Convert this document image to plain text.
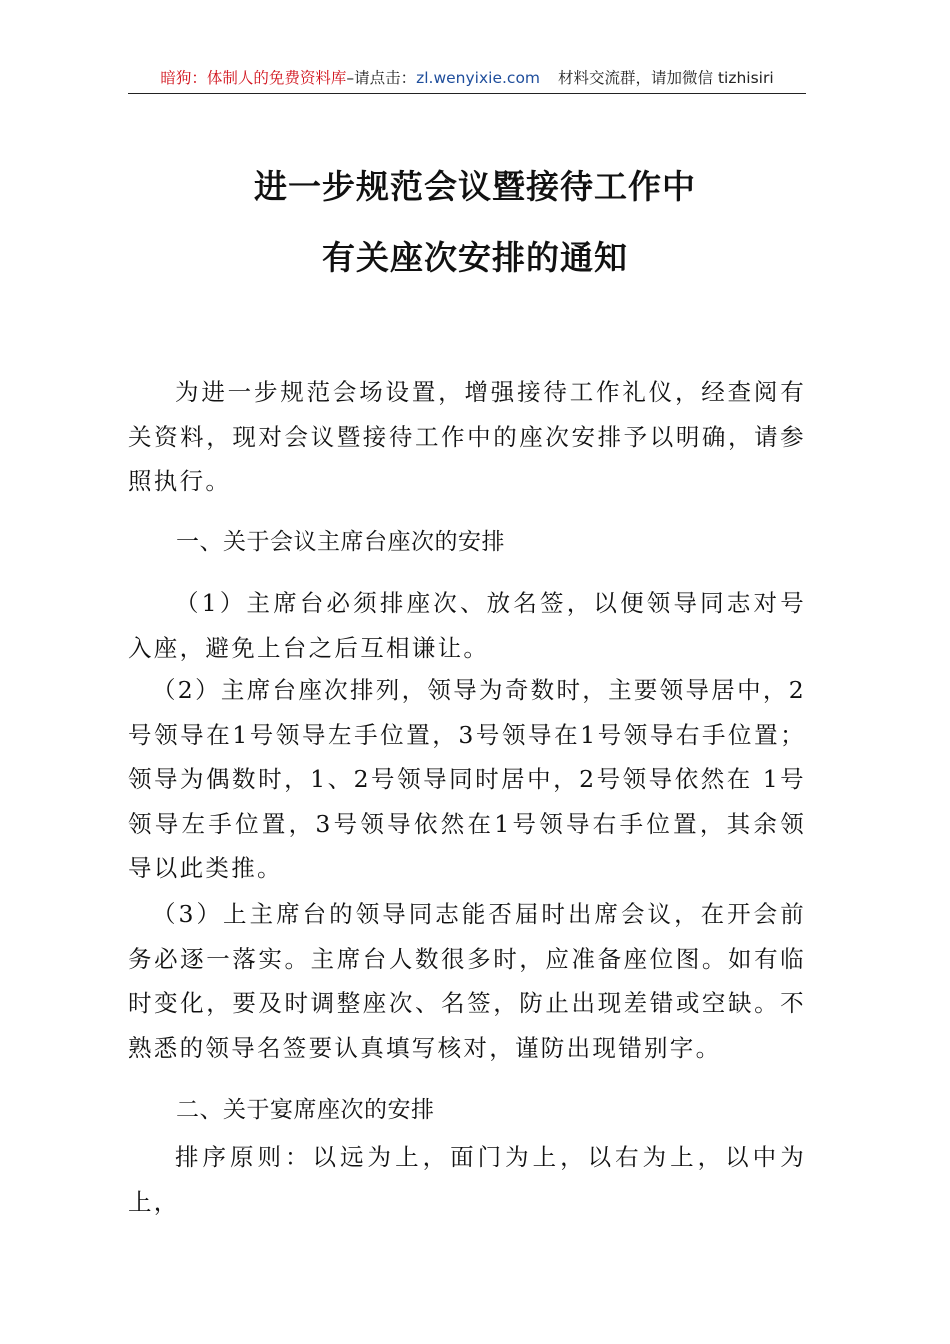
暗狗：体制人的免费资料库–请点击：zl.wenyixie.com 材料交流群，请加微信 tizhisiri
进一步规范会议暨接待工作中
有关座次安排的通知

为进一步规范会场设置，增强接待工作礼仪，经查阅有关资料，现对会议暨接待工作中的座次安排予以明确，请参照执行。

一、关于会议主席台座次的安排

（1）主席台必须排座次、放名签，以便领导同志对号入座，避免上台之后互相谦让。

（2）主席台座次排列，领导为奇数时，主要领导居中，2号领导在1号领导左手位置，3号领导在1号领导右手位置；领导为偶数时，1、2号领导同时居中，2号领导依然在 1号领导左手位置，3号领导依然在1号领导右手位置，其余领导以此类推。

（3）上主席台的领导同志能否届时出席会议，在开会前务必逐一落实。主席台人数很多时，应准备座位图。如有临时变化，要及时调整座次、名签，防止出现差错或空缺。不熟悉的领导名签要认真填写核对，谨防出现错别字。

二、关于宴席座次的安排

排序原则：以远为上，面门为上，以右为上，以中为上，
